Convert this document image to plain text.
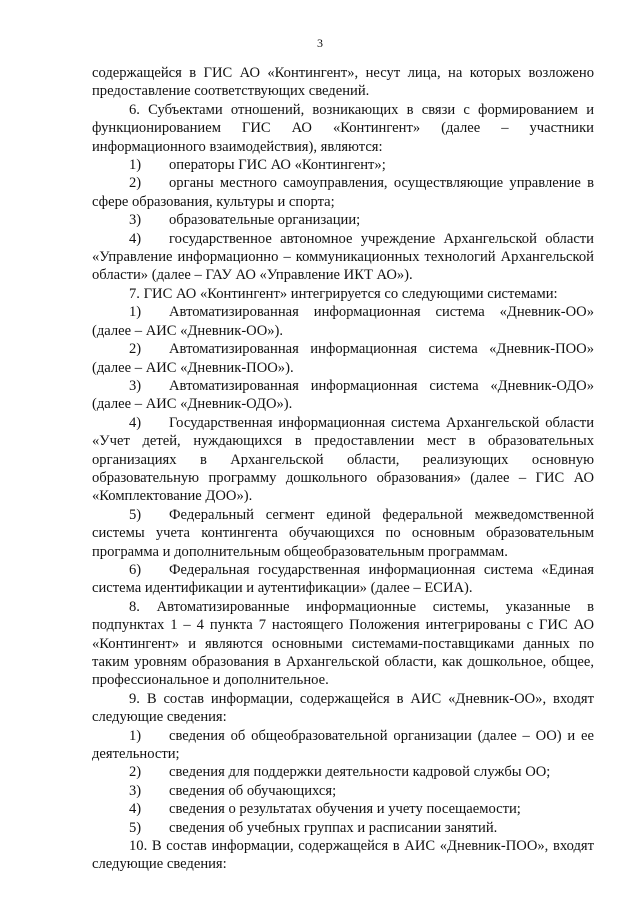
3

содержащейся в ГИС АО «Контингент», несут лица, на которых возложено предоставление соответствующих сведений.

6. Субъектами отношений, возникающих в связи с формированием и функционированием ГИС АО «Контингент» (далее – участники информационного взаимодействия), являются:

1) операторы ГИС АО «Контингент»;

2) органы местного самоуправления, осуществляющие управление в сфере образования, культуры и спорта;

3) образовательные организации;

4) государственное автономное учреждение Архангельской области «Управление информационно – коммуникационных технологий Архангельской области» (далее – ГАУ АО «Управление ИКТ АО»).

7. ГИС АО «Контингент» интегрируется со следующими системами:

1) Автоматизированная информационная система «Дневник-ОО» (далее – АИС «Дневник-ОО»).

2) Автоматизированная информационная система «Дневник-ПОО» (далее – АИС «Дневник-ПОО»).

3) Автоматизированная информационная система «Дневник-ОДО» (далее – АИС «Дневник-ОДО»).

4) Государственная информационная система Архангельской области «Учет детей, нуждающихся в предоставлении мест в образовательных организациях в Архангельской области, реализующих основную образовательную программу дошкольного образования» (далее – ГИС АО «Комплектование ДОО»).

5) Федеральный сегмент единой федеральной межведомственной системы учета контингента обучающихся по основным образовательным программа и дополнительным общеобразовательным программам.

6) Федеральная государственная информационная система «Единая система идентификации и аутентификации» (далее – ЕСИА).

8. Автоматизированные информационные системы, указанные в подпунктах 1 – 4 пункта 7 настоящего Положения интегрированы с ГИС АО «Контингент» и являются основными системами-поставщиками данных по таким уровням образования в Архангельской области, как дошкольное, общее, профессиональное и дополнительное.

9. В состав информации, содержащейся в АИС «Дневник-ОО», входят следующие сведения:

1) сведения об общеобразовательной организации (далее – ОО) и ее деятельности;

2) сведения для поддержки деятельности кадровой службы ОО;

3) сведения об обучающихся;

4) сведения о результатах обучения и учету посещаемости;

5) сведения об учебных группах и расписании занятий.

10. В состав информации, содержащейся в АИС «Дневник-ПОО», входят следующие сведения:
